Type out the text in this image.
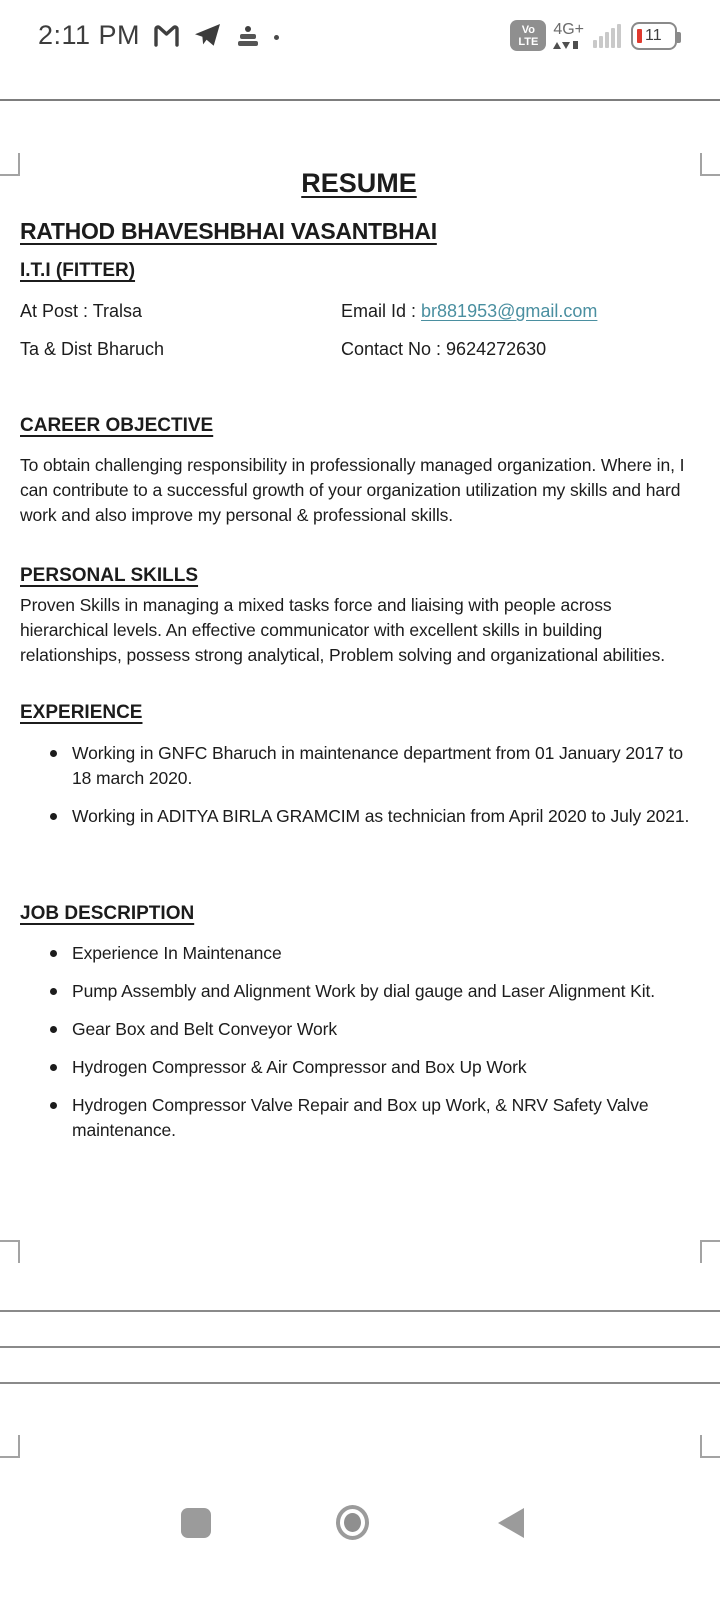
2:11 PM	Vo
LTE
4G+	11
RESUME
RATHOD BHAVESHBHAI VASANTBHAI
I.T.I (FITTER)
At Post : Tralsa	Email Id : br881953@gmail.com
Ta & Dist Bharuch	Contact No : 9624272630
CAREER OBJECTIVE
To obtain challenging responsibility in professionally managed organization. Where in, I can contribute to a successful growth of your organization utilization my skills and hard work and also improve my personal & professional skills.
PERSONAL SKILLS
Proven Skills in managing a mixed tasks force and liaising with people across hierarchical levels. An effective communicator with excellent skills in building relationships, possess strong analytical, Problem solving and organizational abilities.
EXPERIENCE
Working in GNFC Bharuch in maintenance department from 01 January 2017 to 18 march 2020.
Working in ADITYA BIRLA GRAMCIM as technician from April 2020 to July 2021.
JOB DESCRIPTION
Experience In Maintenance
Pump Assembly and Alignment Work by dial gauge and Laser Alignment Kit.
Gear Box and Belt Conveyor Work
Hydrogen Compressor & Air Compressor and Box Up Work
Hydrogen Compressor Valve Repair and Box up Work, & NRV Safety Valve maintenance.
